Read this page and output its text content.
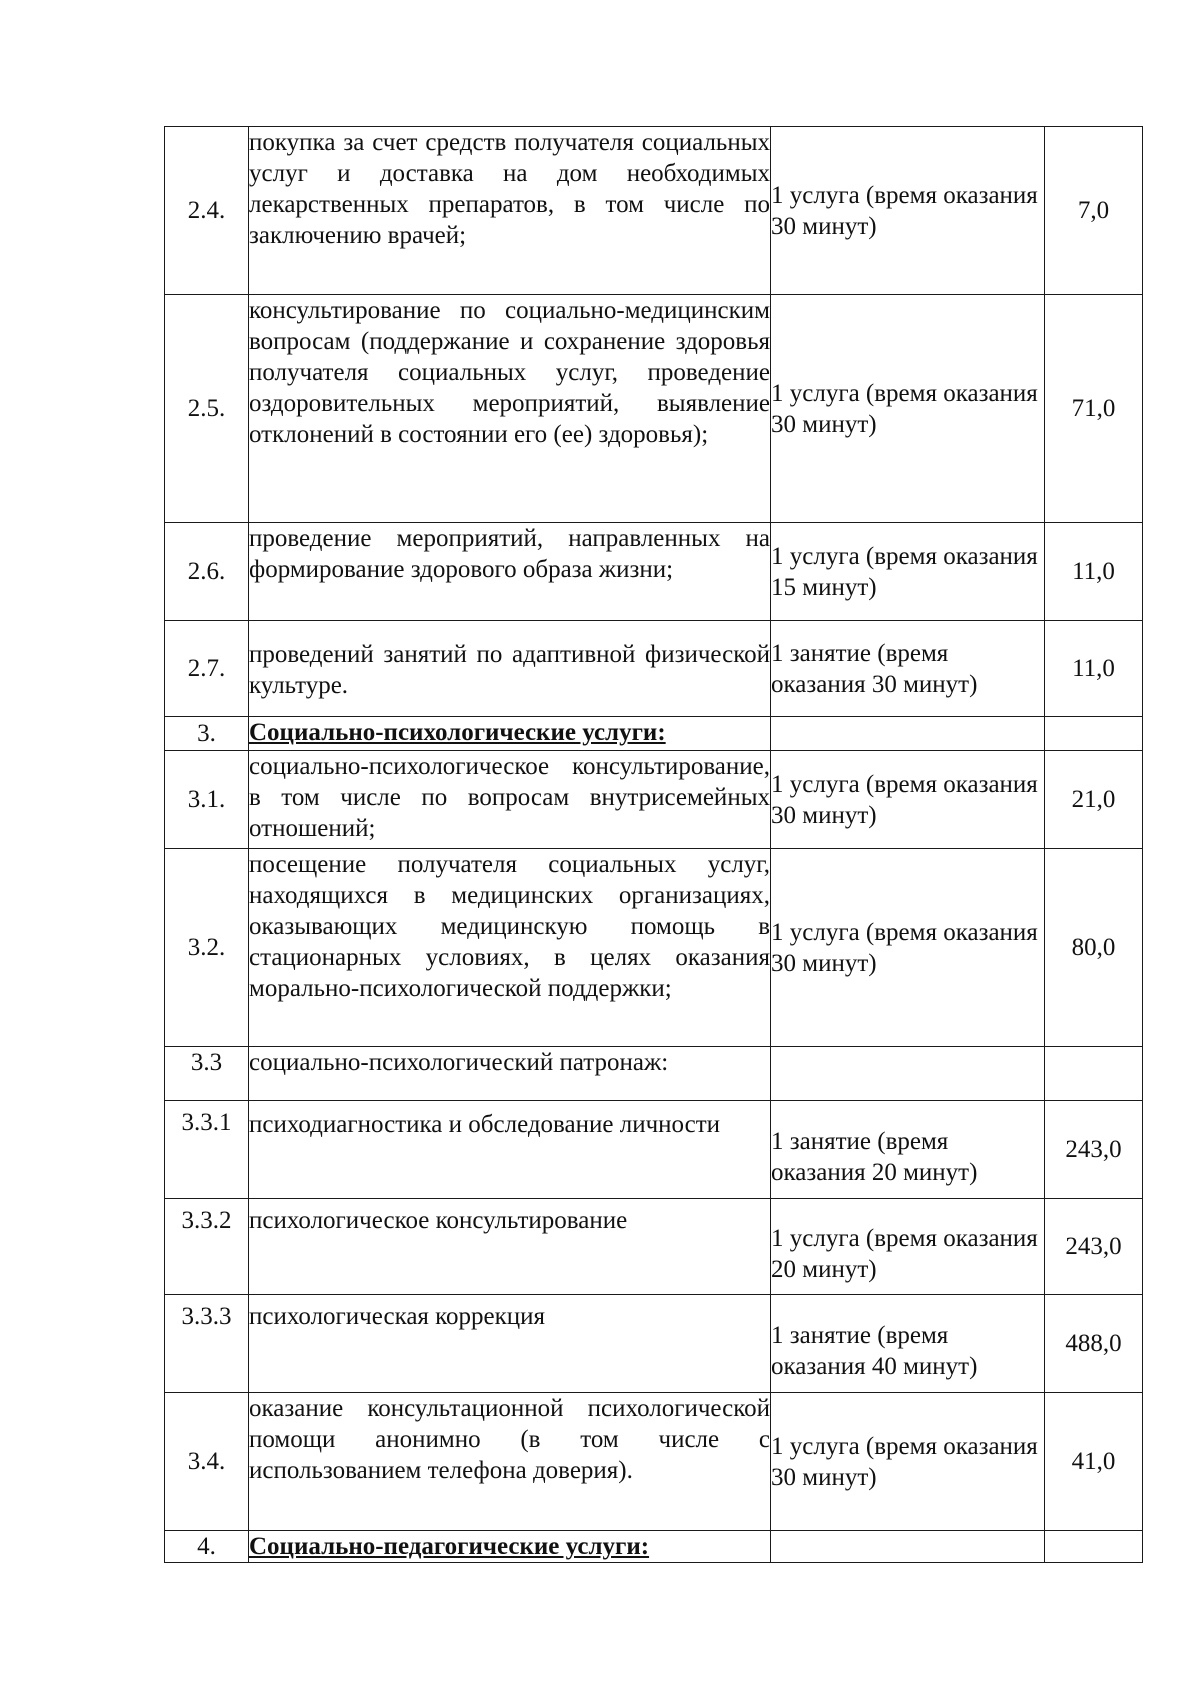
2.4.	покупка за счет средств получателя социальных услуг и доставка на дом необходимых лекарственных препаратов, в том числе по заключению врачей;	1 услуга (время оказания 30 минут)	7,0
2.5.	консультирование по социально-медицинским вопросам (поддержание и сохранение здоровья получателя социальных услуг, проведение оздоровительных мероприятий, выявление отклонений в состоянии его (ее) здоровья);	1 услуга (время оказания 30 минут)	71,0
2.6.	проведение мероприятий, направленных на формирование здорового образа жизни;	1 услуга (время оказания 15 минут)	11,0
2.7.	проведений занятий по адаптивной физической культуре.	1 занятие (время оказания 30 минут)	11,0
3.	Социально-психологические услуги:		
3.1.	социально-психологическое консультирование, в том числе по вопросам внутрисемейных отношений;	1 услуга (время оказания 30 минут)	21,0
3.2.	посещение получателя социальных услуг, находящихся в медицинских организациях, оказывающих медицинскую помощь в стационарных условиях, в целях оказания морально-психологической поддержки;	1 услуга (время оказания 30 минут)	80,0
3.3	социально-психологический патронаж:		

3.3.1	психодиагностика и обследование личности	1 занятие (время оказания 20 минут)	243,0
3.3.2	психологическое консультирование	1 услуга (время оказания 20 минут)	243,0
3.3.3	психологическая коррекция	1 занятие (время оказания 40 минут)	488,0
3.4.	оказание консультационной психологической помощи анонимно (в том числе с использованием телефона доверия).	1 услуга (время оказания 30 минут)	41,0
4.	Социально-педагогические услуги:		
